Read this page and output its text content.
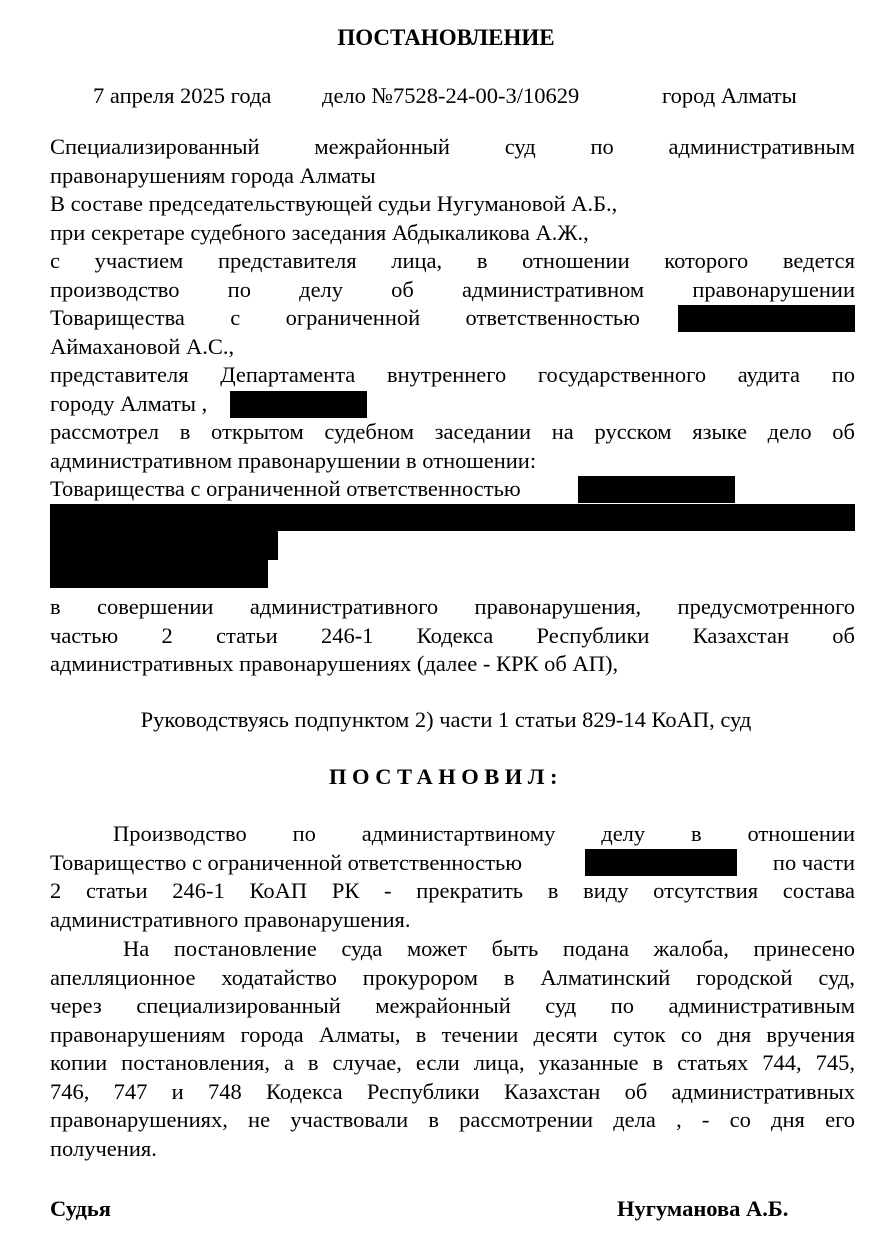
ПОСТАНОВЛЕНИЕ
7 апреля 2025 года дело №7528-24-00-3/10629	город Алматы
Специализированный межрайонный суд по административным
правонарушениям города Алматы
В составе председательствующей судьи Нугумановой А.Б.,
при секретаре судебного заседания Абдыкаликова А.Ж.,
с участием представителя лица, в отношении которого ведется
производство по делу об административном правонарушении
Товарищества с ограниченной ответственностью
Аймахановой А.С.,
представителя Департамента внутреннего государственного аудита по
городу Алматы ,
рассмотрел в открытом судебном заседании на русском языке дело об
административном правонарушении в отношении:
Товарищества с ограниченной ответственностью
в совершении административного правонарушения, предусмотренного
частью 2 статьи 246-1 Кодекса Республики Казахстан об
административных правонарушениях (далее - КРК об АП),
Руководствуясь подпунктом 2) части 1 статьи 829-14 КоАП, суд
ПОСТАНОВИЛ:
Производство по администартвиному делу в отношении
Товарищество с ограниченной ответственностью	по части
2 статьи 246-1 КоАП РК - прекратить в виду отсутствия состава
административного правонарушения.
На постановление суда может быть подана жалоба, принесено
апелляционное ходатайство прокурором в Алматинский городской суд,
через специализированный межрайонный суд по административным
правонарушениям города Алматы, в течении десяти суток со дня вручения
копии постановления, а в случае, если лица, указанные в статьях 744, 745,
746, 747 и 748 Кодекса Республики Казахстан об административных
правонарушениях, не участвовали в рассмотрении дела , - со дня его
получения.
Судья	Нугуманова А.Б.
